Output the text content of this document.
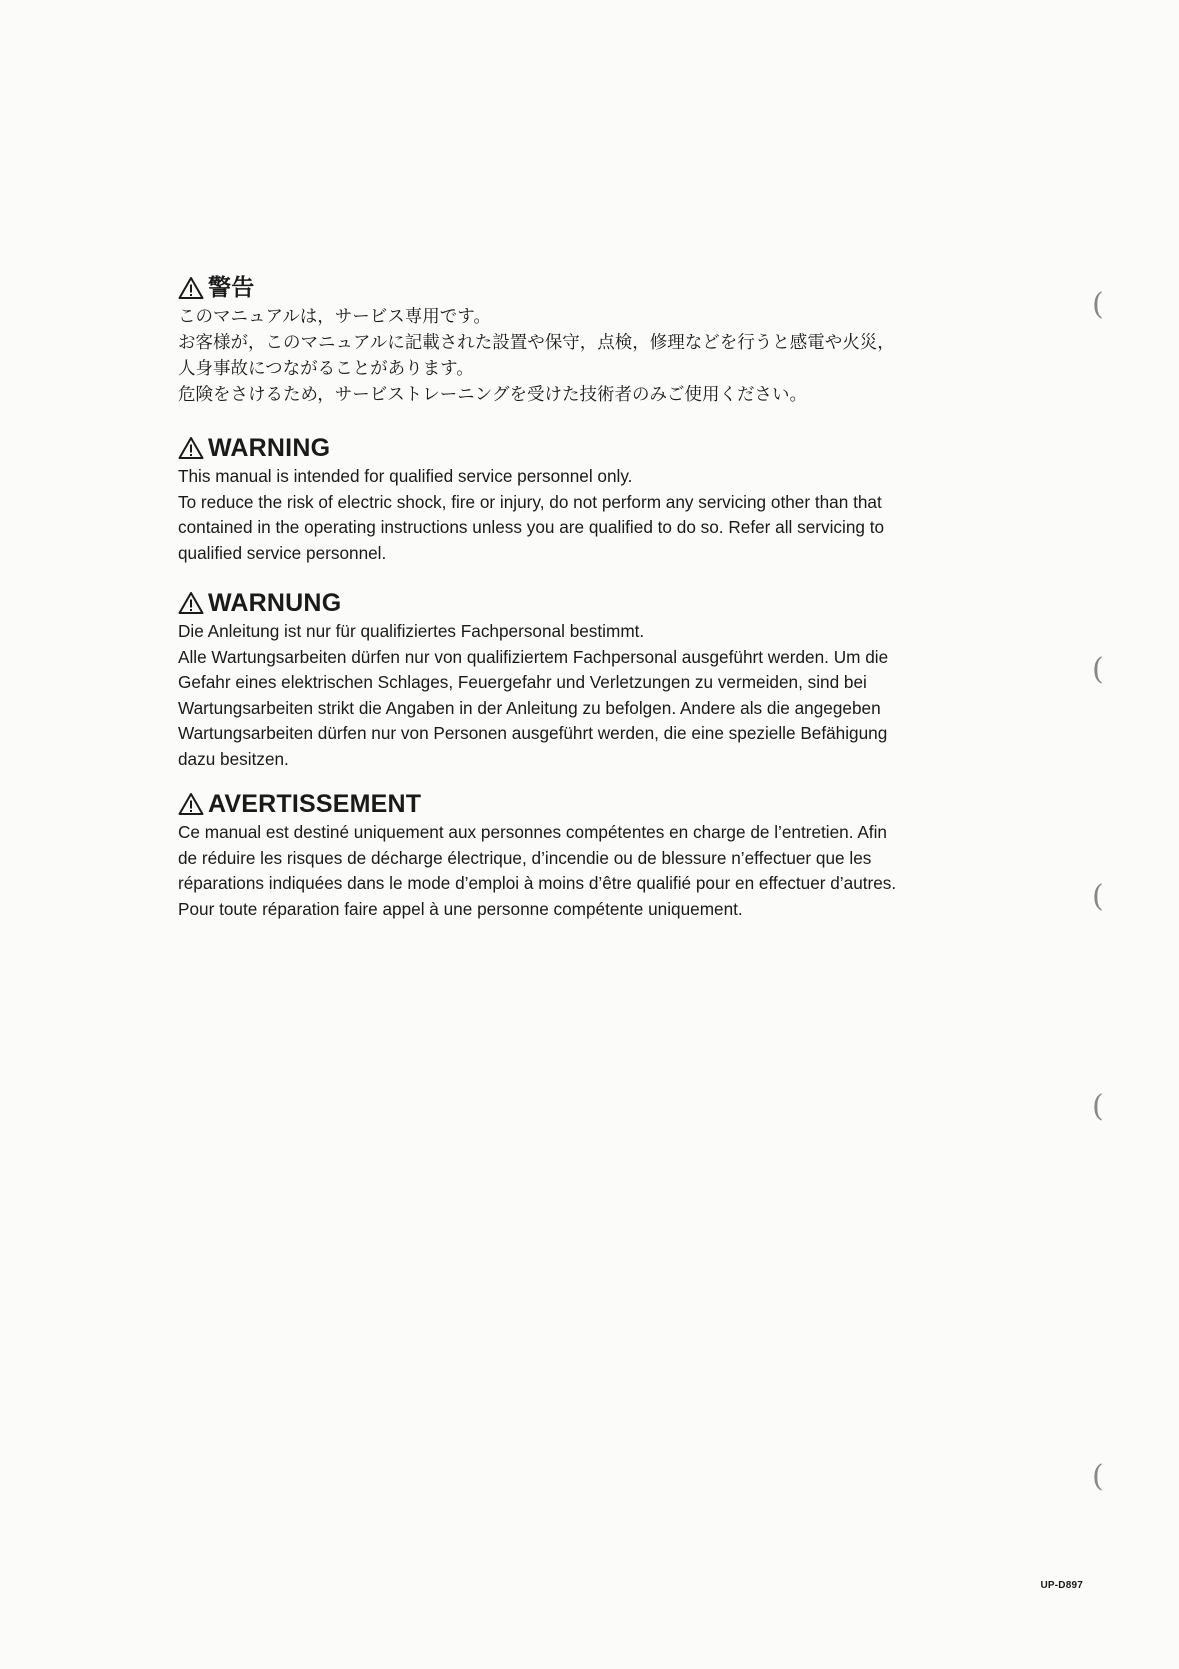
警告

このマニュアルは，サービス専用です。

お客様が，このマニュアルに記載された設置や保守，点検，修理などを行うと感電や火災，

人身事故につながることがあります。

危険をさけるため，サービストレーニングを受けた技術者のみご使用ください。

WARNING

This manual is intended for qualified service personnel only.

To reduce the risk of electric shock, fire or injury, do not perform any servicing other than that

contained in the operating instructions unless you are qualified to do so. Refer all servicing to

qualified service personnel.

WARNUNG

Die Anleitung ist nur für qualifiziertes Fachpersonal bestimmt.

Alle Wartungsarbeiten dürfen nur von qualifiziertem Fachpersonal ausgeführt werden. Um die

Gefahr eines elektrischen Schlages, Feuergefahr und Verletzungen zu vermeiden, sind bei

Wartungsarbeiten strikt die Angaben in der Anleitung zu befolgen. Andere als die angegeben

Wartungsarbeiten dürfen nur von Personen ausgeführt werden, die eine spezielle Befähigung

dazu besitzen.

AVERTISSEMENT

Ce manual est destiné uniquement aux personnes compétentes en charge de l’entretien. Afin

de réduire les risques de décharge électrique, d’incendie ou de blessure n’effectuer que les

réparations indiquées dans le mode d’emploi à moins d’être qualifié pour en effectuer d’autres.

Pour toute réparation faire appel à une personne compétente uniquement.

(
(
(
(
(
UP-D897
